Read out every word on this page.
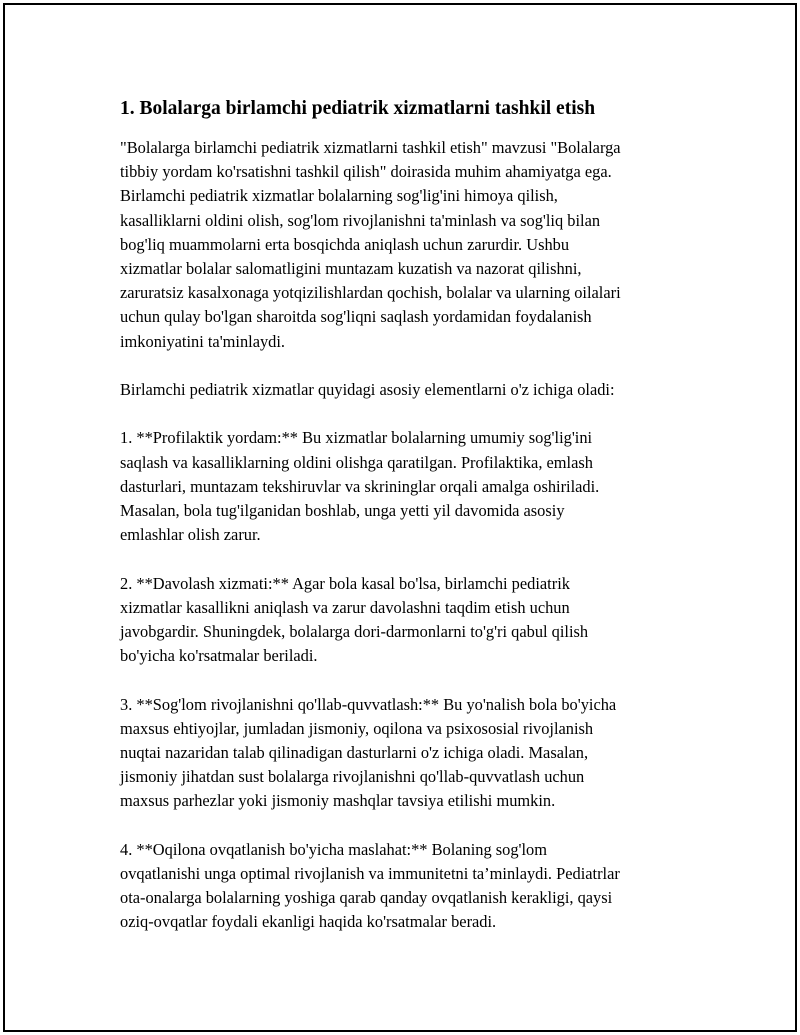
1. Bolalarga birlamchi pediatrik xizmatlarni tashkil etish

"Bolalarga birlamchi pediatrik xizmatlarni tashkil etish" mavzusi "Bolalarga
tibbiy yordam ko'rsatishni tashkil qilish" doirasida muhim ahamiyatga ega.
Birlamchi pediatrik xizmatlar bolalarning sog'lig'ini himoya qilish,
kasalliklarni oldini olish, sog'lom rivojlanishni ta'minlash va sog'liq bilan
bog'liq muammolarni erta bosqichda aniqlash uchun zarurdir. Ushbu
xizmatlar bolalar salomatligini muntazam kuzatish va nazorat qilishni,
zaruratsiz kasalxonaga yotqizilishlardan qochish, bolalar va ularning oilalari
uchun qulay bo'lgan sharoitda sog'liqni saqlash yordamidan foydalanish
imkoniyatini ta'minlaydi.

Birlamchi pediatrik xizmatlar quyidagi asosiy elementlarni o'z ichiga oladi:

1. **Profilaktik yordam:** Bu xizmatlar bolalarning umumiy sog'lig'ini
saqlash va kasalliklarning oldini olishga qaratilgan. Profilaktika, emlash
dasturlari, muntazam tekshiruvlar va skrininglar orqali amalga oshiriladi.
Masalan, bola tug'ilganidan boshlab, unga yetti yil davomida asosiy
emlashlar olish zarur.

2. **Davolash xizmati:** Agar bola kasal bo'lsa, birlamchi pediatrik
xizmatlar kasallikni aniqlash va zarur davolashni taqdim etish uchun
javobgardir. Shuningdek, bolalarga dori-darmonlarni to'g'ri qabul qilish
bo'yicha ko'rsatmalar beriladi.

3. **Sog'lom rivojlanishni qo'llab-quvvatlash:** Bu yo'nalish bola bo'yicha
maxsus ehtiyojlar, jumladan jismoniy, oqilona va psixososial rivojlanish
nuqtai nazaridan talab qilinadigan dasturlarni o'z ichiga oladi. Masalan,
jismoniy jihatdan sust bolalarga rivojlanishni qo'llab-quvvatlash uchun
maxsus parhezlar yoki jismoniy mashqlar tavsiya etilishi mumkin.

4. **Oqilona ovqatlanish bo'yicha maslahat:** Bolaning sog'lom
ovqatlanishi unga optimal rivojlanish va immunitetni ta’minlaydi. Pediatrlar
ota-onalarga bolalarning yoshiga qarab qanday ovqatlanish kerakligi, qaysi
oziq-ovqatlar foydali ekanligi haqida ko'rsatmalar beradi.
